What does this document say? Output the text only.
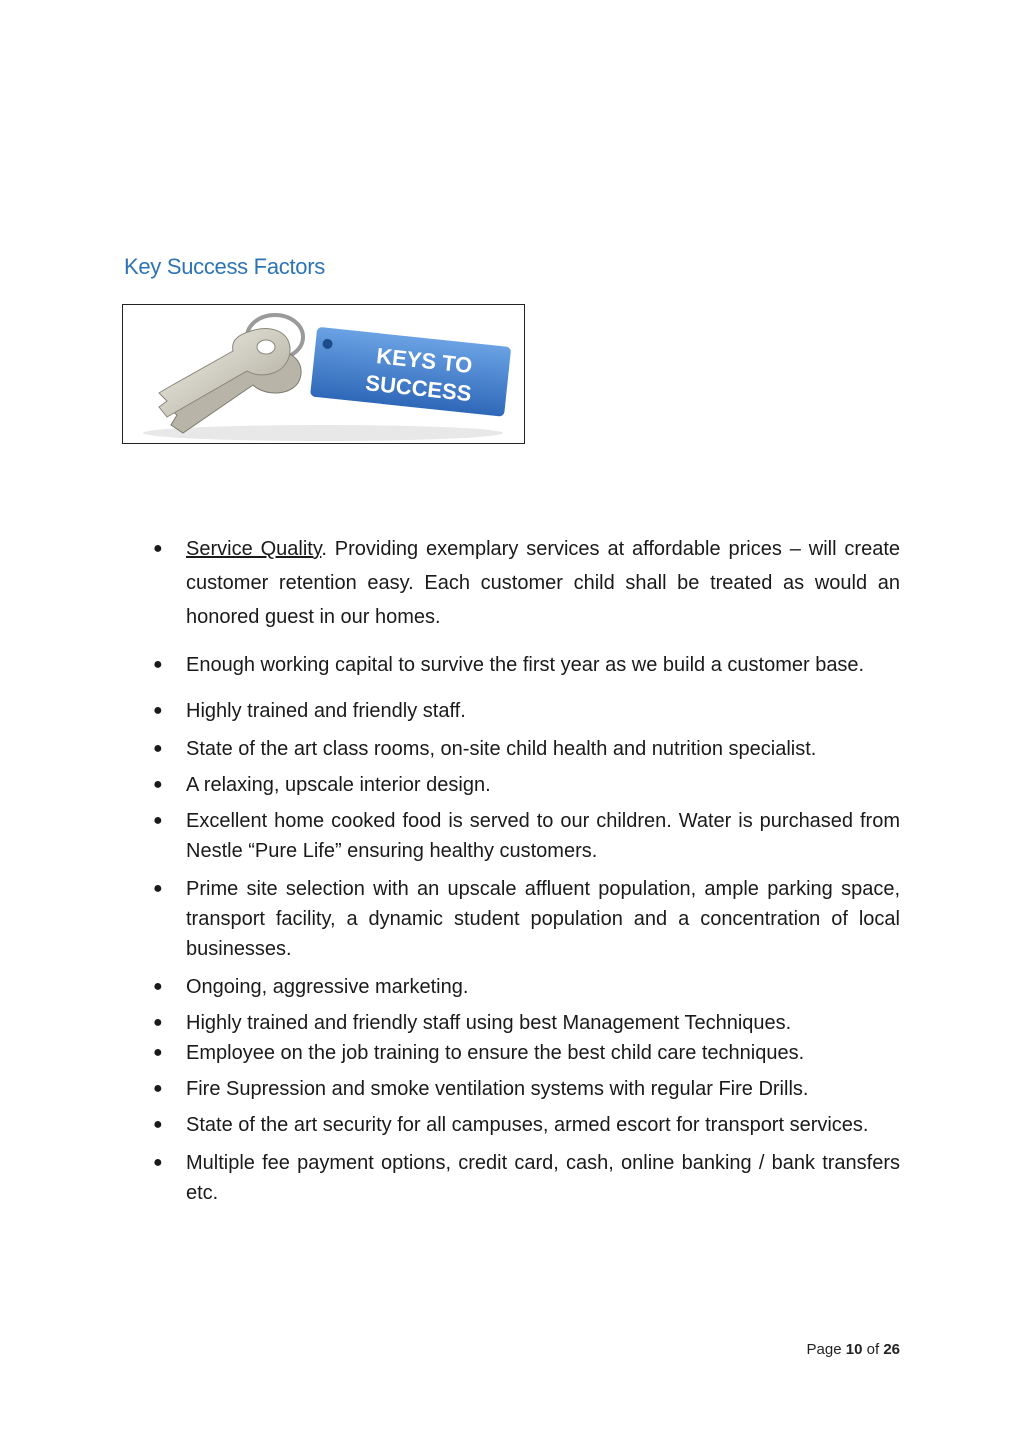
Key Success Factors
KEYS TO
SUCCESS
● Service Quality. Providing exemplary services at affordable prices – will create customer retention easy. Each customer child shall be treated as would an honored guest in our homes.
● Enough working capital to survive the first year as we build a customer base.
● Highly trained and friendly staff.
● State of the art class rooms, on-site child health and nutrition specialist.
● A relaxing, upscale interior design.
● Excellent home cooked food is served to our children. Water is purchased from Nestle “Pure Life” ensuring healthy customers.
● Prime site selection with an upscale affluent population, ample parking space, transport facility, a dynamic student population and a concentration of local businesses.
● Ongoing, aggressive marketing.
● Highly trained and friendly staff using best Management Techniques.
● Employee on the job training to ensure the best child care techniques.
● Fire Supression and smoke ventilation systems with regular Fire Drills.
● State of the art security for all campuses, armed escort for transport services.
● Multiple fee payment options, credit card, cash, online banking / bank transfers etc.
Page 10 of 26
